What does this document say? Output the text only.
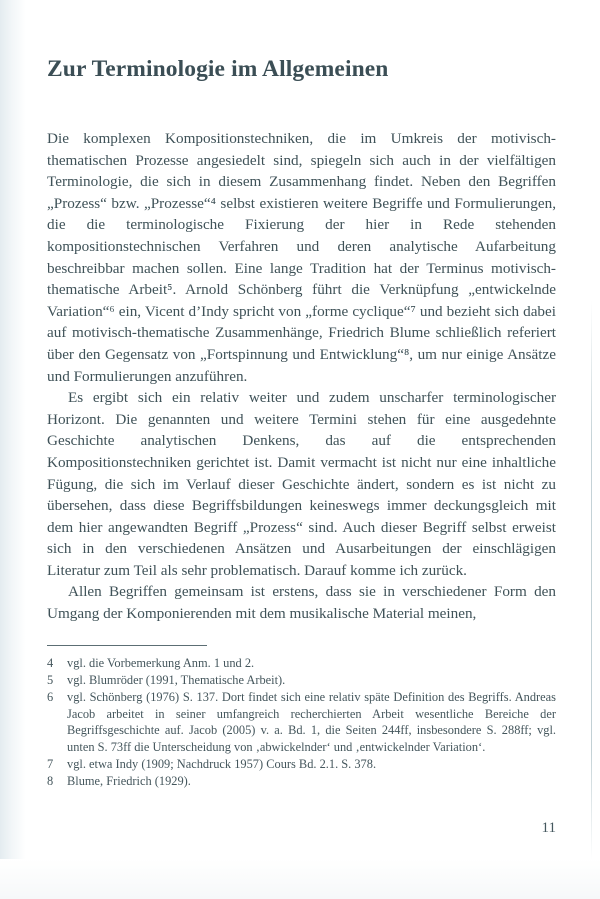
Zur Terminologie im Allgemeinen

Die komplexen Kompositionstechniken, die im Umkreis der motivisch-thematischen Prozesse angesiedelt sind, spiegeln sich auch in der vielfältigen Terminologie, die sich in diesem Zusammenhang findet. Neben den Begriffen „Prozess“ bzw. „Prozesse“⁴ selbst existieren weitere Begriffe und Formulierungen, die die terminologische Fixierung der hier in Rede stehenden kompositionstechnischen Verfahren und deren analytische Aufarbeitung beschreibbar machen sollen. Eine lange Tradition hat der Terminus motivisch-thematische Arbeit⁵. Arnold Schönberg führt die Verknüpfung „entwickelnde Variation“⁶ ein, Vicent d’Indy spricht von „forme cyclique“⁷ und bezieht sich dabei auf motivisch-thematische Zusammenhänge, Friedrich Blume schließlich referiert über den Gegensatz von „Fortspinnung und Entwicklung“⁸, um nur einige Ansätze und Formulierungen anzuführen.

Es ergibt sich ein relativ weiter und zudem unscharfer terminologischer Horizont. Die genannten und weitere Termini stehen für eine ausgedehnte Geschichte analytischen Denkens, das auf die entsprechenden Kompositionstechniken gerichtet ist. Damit vermacht ist nicht nur eine inhaltliche Fügung, die sich im Verlauf dieser Geschichte ändert, sondern es ist nicht zu übersehen, dass diese Begriffsbildungen keineswegs immer deckungsgleich mit dem hier angewandten Begriff „Prozess“ sind. Auch dieser Begriff selbst erweist sich in den verschiedenen Ansätzen und Ausarbeitungen der einschlägigen Literatur zum Teil als sehr problematisch. Darauf komme ich zurück.

Allen Begriffen gemeinsam ist erstens, dass sie in verschiedener Form den Umgang der Komponierenden mit dem musikalische Material meinen,

4	vgl. die Vorbemerkung Anm. 1 und 2.
5	vgl. Blumröder (1991, Thematische Arbeit).
6	vgl. Schönberg (1976) S. 137. Dort findet sich eine relativ späte Definition des Begriffs. Andreas Jacob arbeitet in seiner umfangreich recherchierten Arbeit wesentliche Bereiche der Begriffsgeschichte auf. Jacob (2005) v. a. Bd. 1, die Seiten 244ff, insbesondere S. 288ff; vgl. unten S. 73ff die Unterscheidung von ‚abwickelnder‘ und ‚entwickelnder Variation‘.
7	vgl. etwa Indy (1909; Nachdruck 1957) Cours Bd. 2.1. S. 378.
8	Blume, Friedrich (1929).
11
